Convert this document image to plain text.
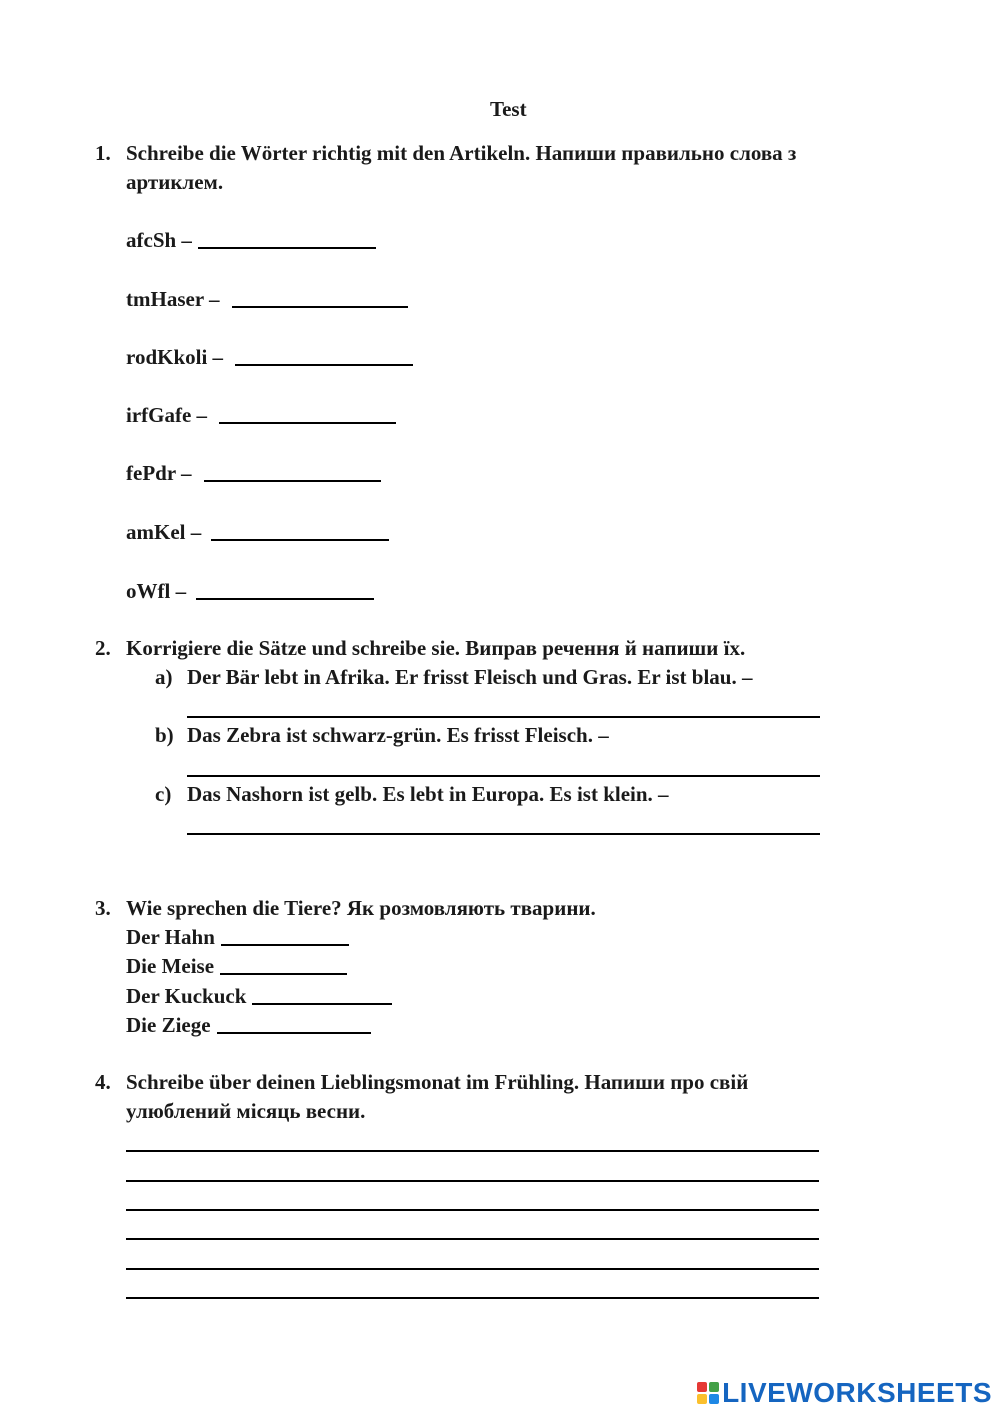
Test
1. Schreibe die Wörter richtig mit den Artikeln. Напиши правильно слова з
артиклем.
afcSh –
tmHaser –
rodKkoli –
irfGafe –
fePdr –
amKel –
oWfl –
2. Korrigiere die Sätze und schreibe sie. Виправ речення й напиши їх.
a) Der Bär lebt in Afrika. Er frisst Fleisch und Gras. Er ist blau. –
b) Das Zebra ist schwarz-grün. Es frisst Fleisch. –
c) Das Nashorn ist gelb. Es lebt in Europa. Es ist klein. –
3. Wie sprechen die Tiere? Як розмовляють тварини.
Der Hahn
Die Meise
Der Kuckuck
Die Ziege
4. Schreibe über deinen Lieblingsmonat im Frühling. Напиши про свій
улюблений місяць весни.
LIVEWORKSHEETS
